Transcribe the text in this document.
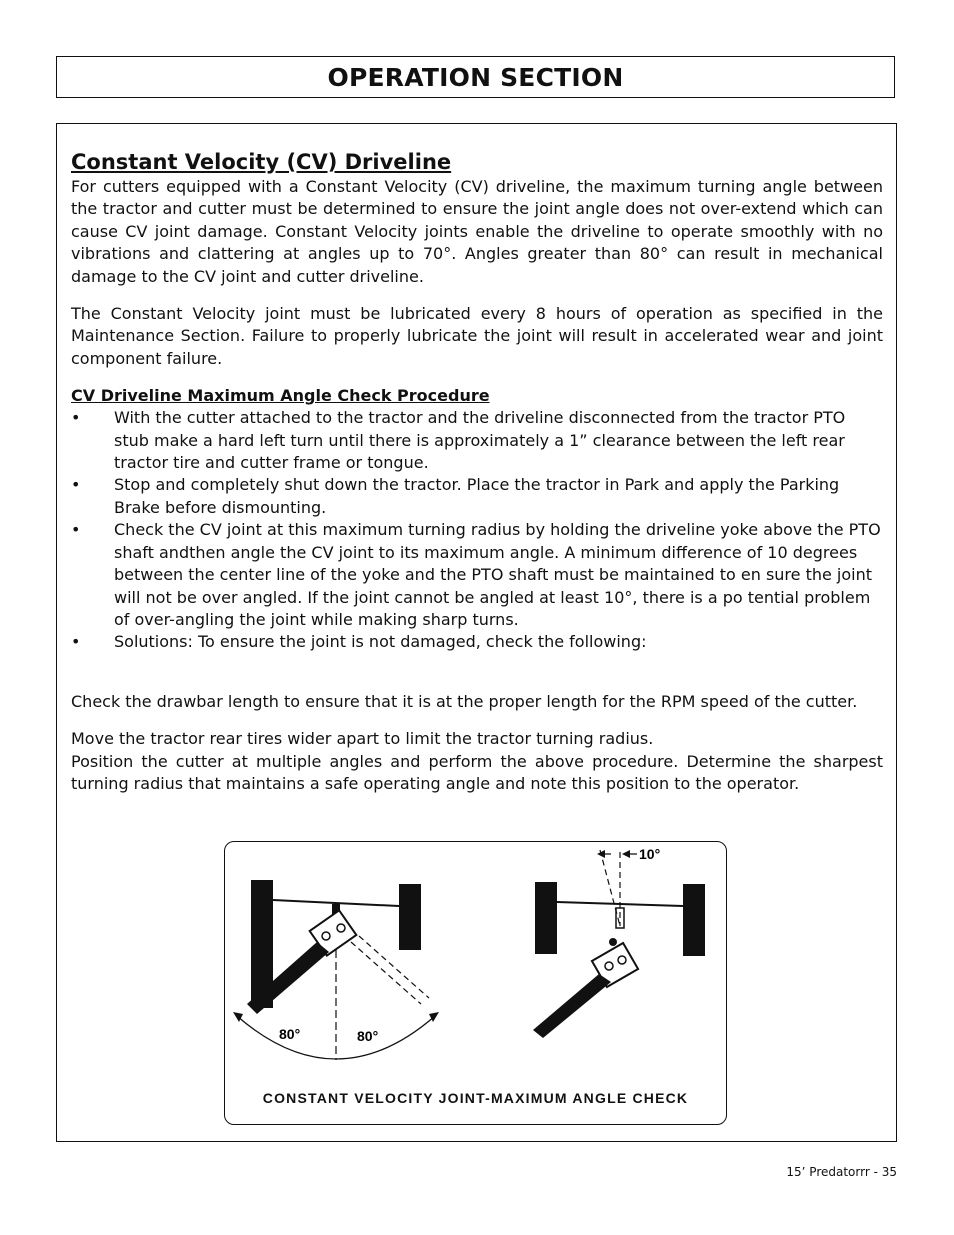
OPERATION SECTION
Constant Velocity (CV) Driveline

For cutters equipped with a Constant Velocity (CV) driveline, the maximum turning angle between the tractor and cutter must be determined to ensure the joint angle does not over-extend which can cause CV joint damage. Constant Velocity joints enable the driveline to operate smoothly with no vibrations and clattering at angles up to 70°. Angles greater than 80° can result in mechanical damage to the CV joint and cutter driveline.

The Constant Velocity joint must be lubricated every 8 hours of operation as specified in the Maintenance Section. Failure to properly lubricate the joint will result in accelerated wear and joint component failure.

CV Driveline Maximum Angle Check Procedure
• With the cutter attached to the tractor and the driveline disconnected from the tractor PTO stub make a hard left turn until there is approximately a 1” clearance between the left rear tractor tire and cutter frame or tongue.
• Stop and completely shut down the tractor. Place the tractor in Park and apply the Parking Brake before dismounting.
• Check the CV joint at this maximum turning radius by holding the driveline yoke above the PTO shaft andthen angle the CV joint to its maximum angle. A minimum difference of 10 degrees between the center line of the yoke and the PTO shaft must be maintained to en sure the joint will not be over angled. If the joint cannot be angled at least 10°, there is a po tential problem of over-angling the joint while making sharp turns.
• Solutions: To ensure the joint is not damaged, check the following:

Check the drawbar length to ensure that it is at the proper length for the RPM speed of the cutter.

Move the tractor rear tires wider apart to limit the tractor turning radius.

Position the cutter at multiple angles and perform the above procedure. Determine the sharpest turning radius that maintains a safe operating angle and note this position to the operator.

80°	80°
10°
CONSTANT VELOCITY JOINT-MAXIMUM ANGLE CHECK
15’ Predatorrr - 35
